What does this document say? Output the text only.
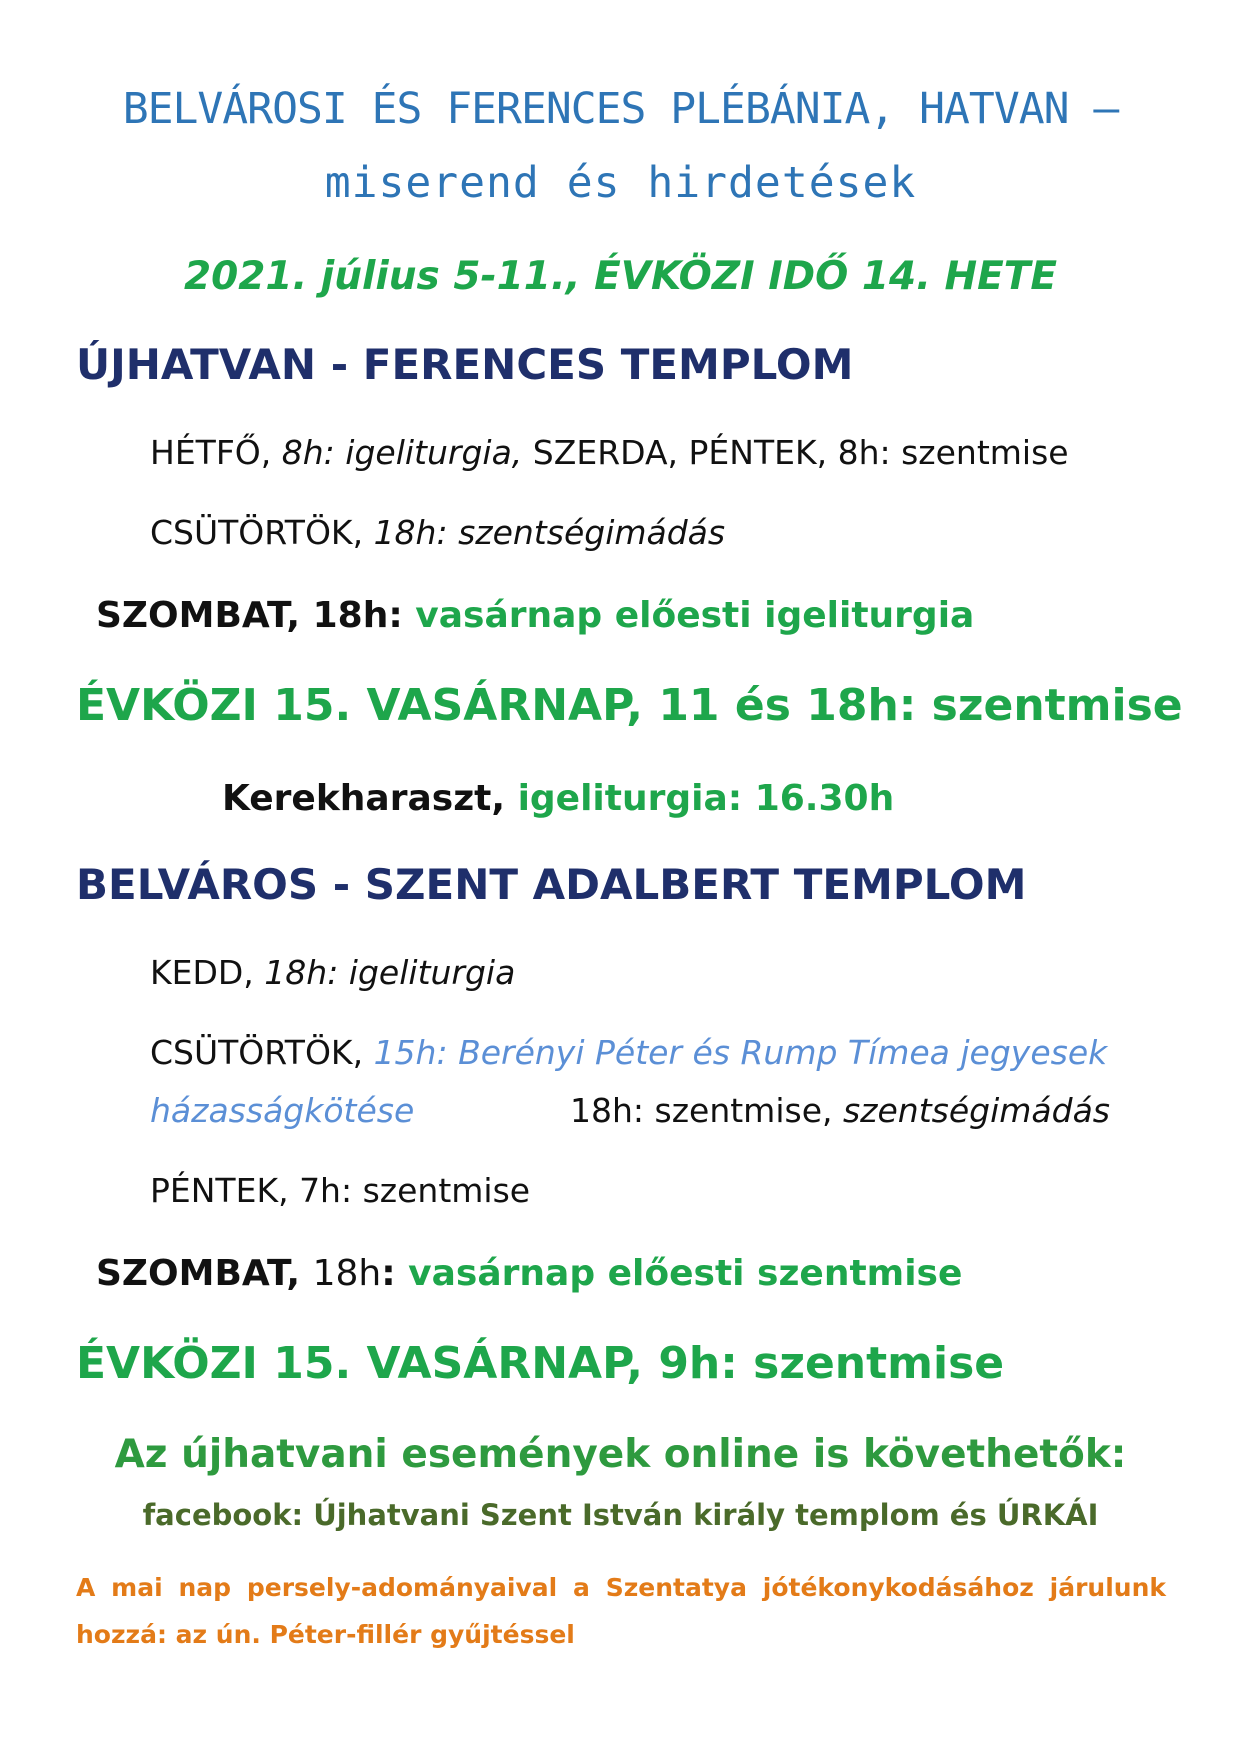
BELVÁROSI ÉS FERENCES PLÉBÁNIA, HATVAN –
miserend és hirdetések
2021. július 5-11., ÉVKÖZI IDŐ 14. HETE
ÚJHATVAN - FERENCES TEMPLOM
HÉTFŐ, 8h: igeliturgia, SZERDA, PÉNTEK, 8h: szentmise
CSÜTÖRTÖK, 18h: szentségimádás
SZOMBAT, 18h: vasárnap előesti igeliturgia
ÉVKÖZI 15. VASÁRNAP, 11 és 18h: szentmise
Kerekharaszt, igeliturgia: 16.30h
BELVÁROS - SZENT ADALBERT TEMPLOM
KEDD, 18h: igeliturgia
CSÜTÖRTÖK, 15h: Berényi Péter és Rump Tímea jegyesek
házasságkötése	18h: szentmise, szentségimádás
PÉNTEK, 7h: szentmise
SZOMBAT, 18h: vasárnap előesti szentmise
ÉVKÖZI 15. VASÁRNAP, 9h: szentmise
Az újhatvani események online is követhetők:
facebook: Újhatvani Szent István király templom és ÚRKÁI
A mai nap persely-adományaival a Szentatya jótékonykodásához járulunk hozzá: az ún. Péter-fillér gyűjtéssel
